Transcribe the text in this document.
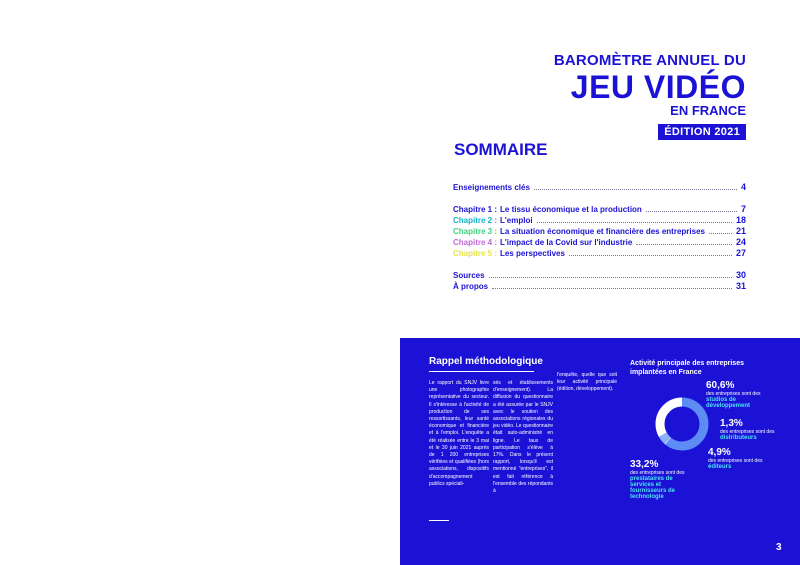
BAROMÈTRE ANNUEL DU
JEU VIDÉO
EN FRANCE
ÉDITION 2021
SOMMAIRE
Enseignements clés	4
Chapitre 1 : Le tissu économique et la production	7
Chapitre 2 : L'emploi	18
Chapitre 3 : La situation économique et financière des entreprises	21
Chapitre 4 : L'impact de la Covid sur l'industrie	24
Chapitre 5 : Les perspectives	27
Sources	30
À propos	31
Rappel méthodologique
Le rapport du SNJV livre une photographie représentative du secteur. Il s'intéresse à l'activité de production de ses ressortissants, leur santé économique et financière et à l'emploi. L'enquête a été réalisée entre le 3 mai et le 30 juin 2021 auprès de 1 200 entreprises vérifiées et qualifiées (hors associations, dispositifs d'accompagnement publics spéciali-
sés et établissements d'enseignement). La diffusion du questionnaire a été assurée par le SNJV avec le soutien des associations régionales du jeu vidéo. Le questionnaire était auto-administré en ligne. Le taux de participation s'élève à 17%. Dans le présent rapport, lorsqu'il est mentionné "entreprises", il est fait référence à l'ensemble des répondants à
l'enquête, quelle que soit leur activité principale (édition, développement).
Activité principale des entreprises implantées en France
60,6%
des entreprises sont des
studios de développement
1,3%
des entreprises sont des
distributeurs
4,9%
des entreprises sont des
éditeurs
33,2%
des entreprises sont des
prestataires de services et fournisseurs de technologie
3
